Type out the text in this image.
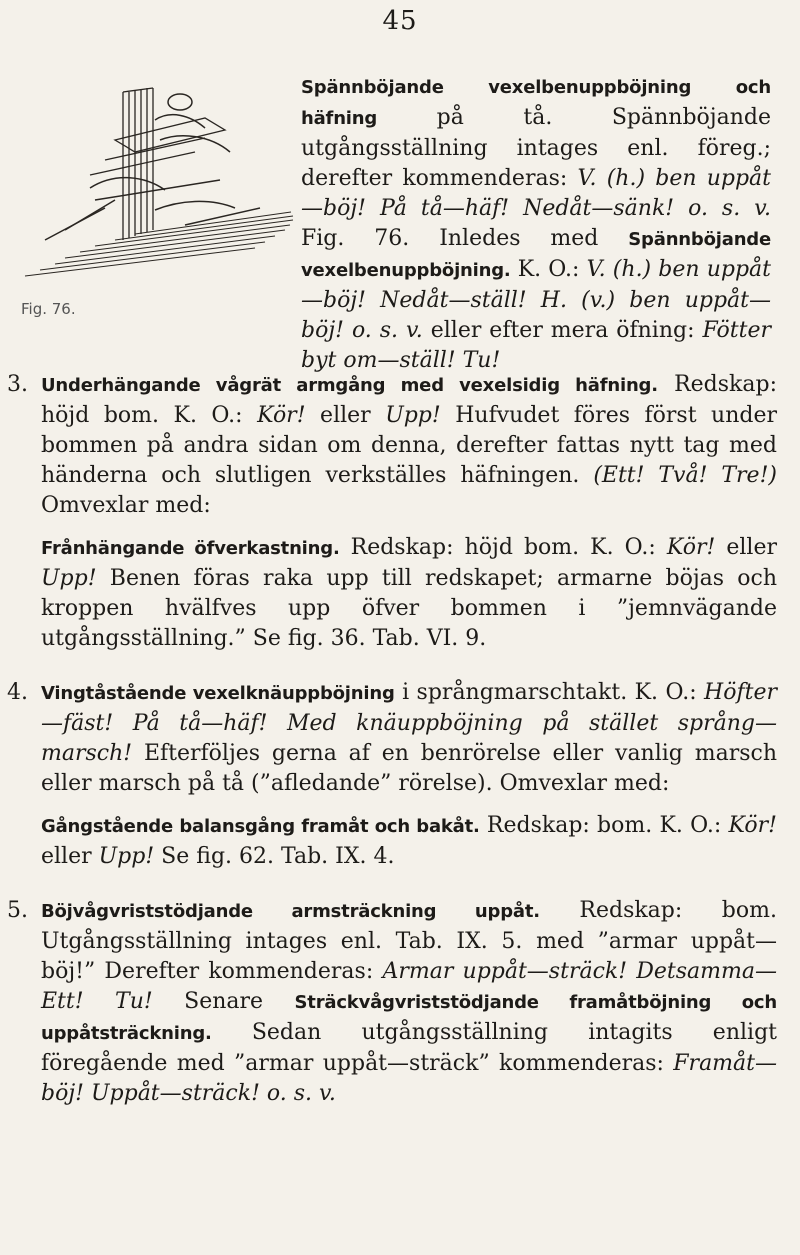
45
Fig. 76.

Spännböjande vexelbenuppböjning och häfning på tå. Spännböjande utgångsställning intages enl. föreg.; derefter kommenderas: V. (h.) ben uppåt—böj! På tå—häf! Nedåt—sänk! o. s. v. Fig. 76. Inledes med Spännböjande vexelbenuppböjning. K. O.: V. (h.) ben uppåt—böj! Nedåt—ställ! H. (v.) ben uppåt—böj! o. s. v. eller efter mera öfning: Fötter byt om—ställ! Tu!

3. Underhängande vågrät armgång med vexelsidig häfning. Redskap: höjd bom. K. O.: Kör! eller Upp! Hufvudet föres först under bommen på andra sidan om denna, derefter fattas nytt tag med händerna och slutligen verkställes häfningen. (Ett! Två! Tre!) Omvexlar med:

Frånhängande öfverkastning. Redskap: höjd bom. K. O.: Kör! eller Upp! Benen föras raka upp till redskapet; armarne böjas och kroppen hvälfves upp öfver bommen i ”jemnvägande utgångsställning.” Se fig. 36. Tab. VI. 9.

4. Vingtåstående vexelknäuppböjning i språngmarschtakt. K. O.: Höfter—fäst! På tå—häf! Med knäuppböjning på stället språng—marsch! Efterföljes gerna af en benrörelse eller vanlig marsch eller marsch på tå (”afledande” rörelse). Omvexlar med:

Gångstående balansgång framåt och bakåt. Redskap: bom. K. O.: Kör! eller Upp! Se fig. 62. Tab. IX. 4.

5. Böjvågvriststödjande armsträckning uppåt. Redskap: bom. Utgångsställning intages enl. Tab. IX. 5. med ”armar uppåt—böj!” Derefter kommenderas: Armar uppåt—sträck! Detsamma—Ett! Tu! Senare Sträckvågvriststödjande framåtböjning och uppåtsträckning. Sedan utgångsställning intagits enligt föregående med ”armar uppåt—sträck” kommenderas: Framåt—böj! Uppåt—sträck! o. s. v.
